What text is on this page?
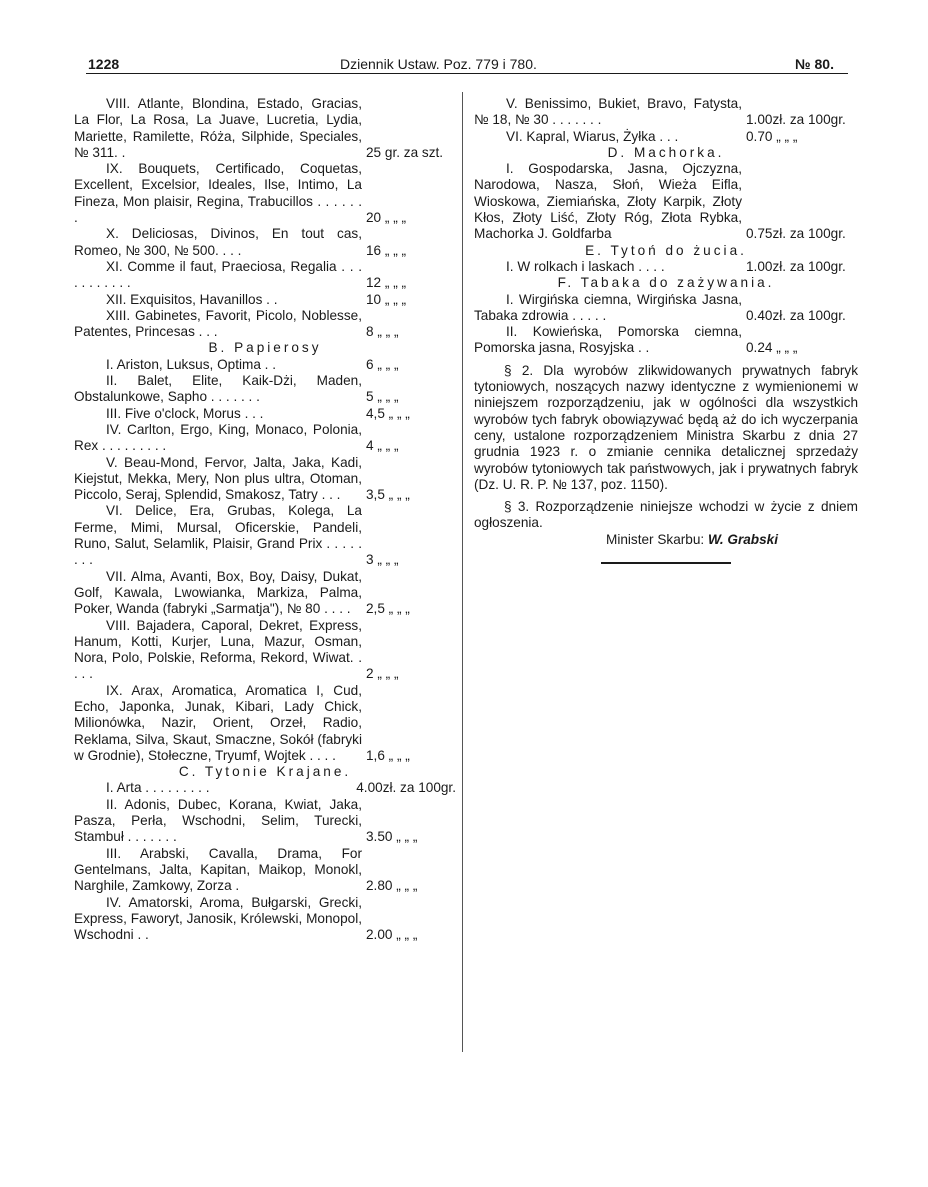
1228	Dziennik Ustaw. Poz. 779 i 780.	№ 80.
VIII. Atlante, Blondina, Estado, Gracias, La Flor, La Rosa, La Juave, Lucretia, Lydia, Mariette, Ramilette, Róża, Silphide, Speciales, № 311. .	25 gr. za szt.
IX. Bouquets, Certificado, Coquetas, Excellent, Excelsior, Ideales, Ilse, Intimo, La Fineza, Mon plaisir, Regina, Trabucillos . . . . . . .	20 „ „ „
X. Deliciosas, Divinos, En tout cas, Romeo, № 300, № 500. . . .	16 „ „ „
XI. Comme il faut, Praeciosa, Regalia . . . . . . . . . . .	12 „ „ „
XII. Exquisitos, Havanillos . .	10 „ „ „
XIII. Gabinetes, Favorit, Picolo, Noblesse, Patentes, Princesas . . .	8 „ „ „

B. Papierosy

I. Ariston, Luksus, Optima . .	6 „ „ „
II. Balet, Elite, Kaik-Dżi, Maden, Obstalunkowe, Sapho . . . . . . .	5 „ „ „
III. Five o'clock, Morus . . .	4,5 „ „ „
IV. Carlton, Ergo, King, Monaco, Polonia, Rex . . . . . . . . .	4 „ „ „
V. Beau-Mond, Fervor, Jalta, Jaka, Kadi, Kiejstut, Mekka, Mery, Non plus ultra, Otoman, Piccolo, Seraj, Splendid, Smakosz, Tatry . . .	3,5 „ „ „
VI. Delice, Era, Grubas, Kolega, La Ferme, Mimi, Mursal, Oficerskie, Pandeli, Runo, Salut, Selamlik, Plaisir, Grand Prix . . . . . . . .	3 „ „ „
VII. Alma, Avanti, Box, Boy, Daisy, Dukat, Golf, Kawala, Lwowianka, Markiza, Palma, Poker, Wanda (fabryki „Sarmatja"), № 80 . . . .	2,5 „ „ „
VIII. Bajadera, Caporal, Dekret, Express, Hanum, Kotti, Kurjer, Luna, Mazur, Osman, Nora, Polo, Polskie, Reforma, Rekord, Wiwat. . . . .	2 „ „ „
IX. Arax, Aromatica, Aromatica I, Cud, Echo, Japonka, Junak, Kibari, Lady Chick, Milionówka, Nazir, Orient, Orzeł, Radio, Reklama, Silva, Skaut, Smaczne, Sokół (fabryki w Grodnie), Stołeczne, Tryumf, Wojtek . . . .	1,6 „ „ „

C. Tytonie Krajane.

I. Arta . . . . . . . . .	4.00zł. za 100gr.
II. Adonis, Dubec, Korana, Kwiat, Jaka, Pasza, Perła, Wschodni, Selim, Turecki, Stambuł . . . . . . .	3.50 „ „ „
III. Arabski, Cavalla, Drama, For Gentelmans, Jalta, Kapitan, Maikop, Monokl, Narghile, Zamkowy, Zorza .	2.80 „ „ „
IV. Amatorski, Aroma, Bułgarski, Grecki, Express, Faworyt, Janosik, Królewski, Monopol, Wschodni . .	2.00 „ „ „
V. Benissimo, Bukiet, Bravo, Fatysta, № 18, № 30 . . . . . . .	1.00zł. za 100gr.
VI. Kapral, Wiarus, Żyłka . . .	0.70 „ „ „

D. Machorka.

I. Gospodarska, Jasna, Ojczyzna, Narodowa, Nasza, Słoń, Wieża Eifla, Wioskowa, Ziemiańska, Złoty Karpik, Złoty Kłos, Złoty Liść, Złoty Róg, Złota Rybka, Machorka J. Goldfarba	0.75zł. za 100gr.

E. Tytoń do żucia.

I. W rolkach i laskach . . . .	1.00zł. za 100gr.

F. Tabaka do zażywania.

I. Wirgińska ciemna, Wirgińska Jasna, Tabaka zdrowia . . . . .	0.40zł. za 100gr.
II. Kowieńska, Pomorska ciemna, Pomorska jasna, Rosyjska . .	0.24 „ „ „

§ 2. Dla wyrobów zlikwidowanych prywatnych fabryk tytoniowych, noszących nazwy identyczne z wymienionemi w niniejszem rozporządzeniu, jak w ogólności dla wszystkich wyrobów tych fabryk obowiązywać będą aż do ich wyczerpania ceny, ustalone rozporządzeniem Ministra Skarbu z dnia 27 grudnia 1923 r. o zmianie cennika detalicznej sprzedaży wyrobów tytoniowych tak państwowych, jak i prywatnych fabryk (Dz. U. R. P. № 137, poz. 1150).

§ 3. Rozporządzenie niniejsze wchodzi w życie z dniem ogłoszenia.

Minister Skarbu: W. Grabski
